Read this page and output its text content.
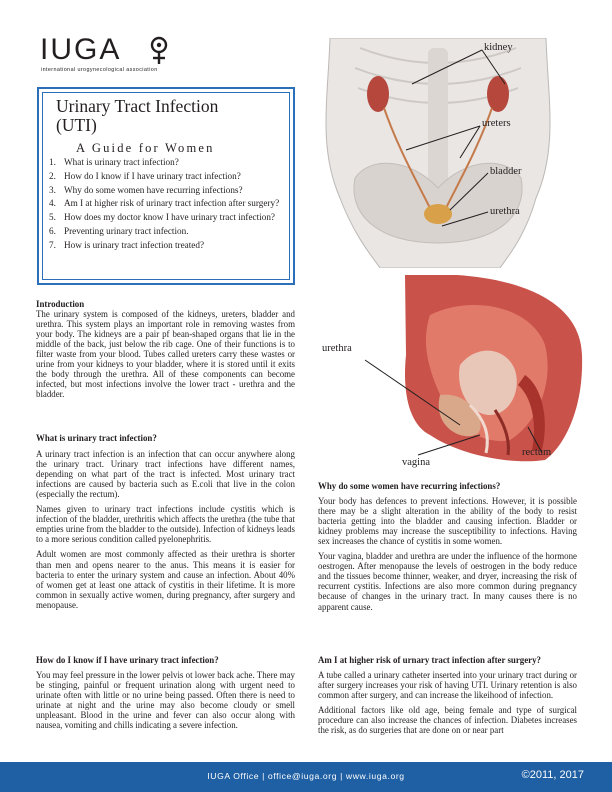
IUGA
international urogynecological association
Urinary Tract Infection
(UTI)
A Guide for Women
1. What is urinary tract infection?
2. How do I know if I have urinary tract infection?
3. Why do some women have recurring infections?
4. Am I at higher risk of urinary tract infection after surgery?
5. How does my doctor know I have urinary tract infection?
6. Preventing urinary tract infection.
7. How is urinary tract infection treated?
kidney
ureters
bladder
urethra
urethra
vagina
rectum
Introduction

The urinary system is composed of the kidneys, ureters, bladder and urethra. This system plays an important role in removing wastes from your body. The kidneys are a pair pf bean-shaped organs that lie in the middle of the back, just below the rib cage. One of their functions is to filter waste from your blood. Tubes called ureters carry these wastes or urine from your kidneys to your bladder, where it is stored until it exits the body through the urethra. All of these components can become infected, but most infections involve the lower tract - urethra and the bladder.

What is urinary tract infection?

A urinary tract infection is an infection that can occur anywhere along the urinary tract. Urinary tract infections have different names, depending on what part of the tract is infected. Most urinary tract infections are caused by bacteria such as E.coli that live in the colon (especially the rectum).

Names given to urinary tract infections include cystitis which is infection of the bladder, urethritis which affects the urethra (the tube that empties urine from the bladder to the outside). Infection of kidneys leads to a more serious condition called pyelonephritis.

Adult women are most commonly affected as their urethra is shorter than men and opens nearer to the anus. This means it is easier for bacteria to enter the urinary system and cause an infection. About 40% of women get at least one attack of cystitis in their lifetime. It is more common in sexually active women, during pregnancy, after surgery and menopause.

How do I know if I have urinary tract infection?

You may feel pressure in the lower pelvis ot lower back ache. There may be stinging, painful or frequent urination along with urgent need to urinate often with little or no urine being passed. Often there is need to urinate at night and the urine may also become cloudy or smell unpleasant. Blood in the urine and fever can also occur along with nausea, vomiting and chills indicating a severe infection.

Why do some women have recurring infections?

Your body has defences to prevent infections. However, it is possible there may be a slight alteration in the ability of the body to resist bacteria getting into the bladder and causing infection. Bladder or kidney problems may increase the susceptibility to infections. Having sex increases the chance of cystitis in some women.

Your vagina, bladder and urethra are under the influence of the hormone oestrogen. After menopause the levels of oestrogen in the body reduce and the tissues become thinner, weaker, and dryer, increasing the risk of recurrent cystitis. Infections are also more common during pregnancy because of changes in the urinary tract. In many causes there is no apparent cause.

Am I at higher risk of urnary tract infection after surgery?

A tube called a urinary catheter inserted into your urinary tract during or after surgery increases your risk of having UTI. Urinary retention is also common after surgery, and can increase the likeihood of infection.

Additional factors like old age, being female and type of surgical procedure can also increase the chances of infection. Diabetes increases the risk, as do surgeries that are done on or near part

IUGA Office | office@iuga.org | www.iuga.org	©2011, 2017
